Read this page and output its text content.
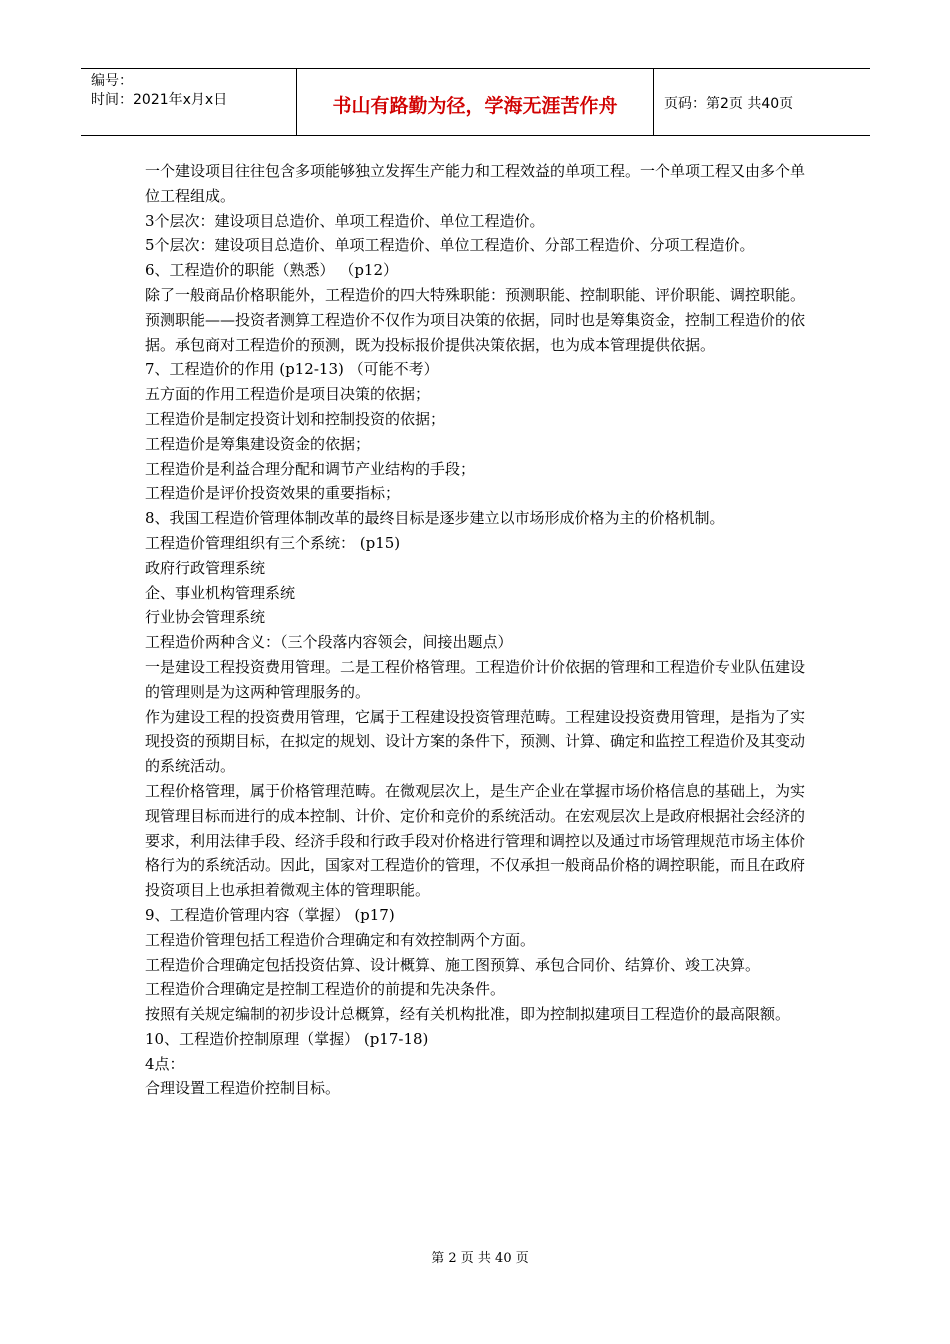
编号：
时间：2021年x月x日	书山有路勤为径，学海无涯苦作舟	页码：第2页 共40页

一个建设项目往往包含多项能够独立发挥生产能力和工程效益的单项工程。一个单项工程又由多个单位工程组成。

3个层次：建设项目总造价、单项工程造价、单位工程造价。

5个层次：建设项目总造价、单项工程造价、单位工程造价、分部工程造价、分项工程造价。

6、工程造价的职能（熟悉） （p12）

除了一般商品价格职能外，工程造价的四大特殊职能：预测职能、控制职能、评价职能、调控职能。

预测职能——投资者测算工程造价不仅作为项目决策的依据，同时也是筹集资金，控制工程造价的依据。承包商对工程造价的预测，既为投标报价提供决策依据，也为成本管理提供依据。

7、工程造价的作用 (p12-13) （可能不考）

五方面的作用工程造价是项目决策的依据；

工程造价是制定投资计划和控制投资的依据；

工程造价是筹集建设资金的依据；

工程造价是利益合理分配和调节产业结构的手段；

工程造价是评价投资效果的重要指标；

8、我国工程造价管理体制改革的最终目标是逐步建立以市场形成价格为主的价格机制。

工程造价管理组织有三个系统： (p15)

政府行政管理系统

企、事业机构管理系统

行业协会管理系统

工程造价两种含义：（三个段落内容领会，间接出题点）

一是建设工程投资费用管理。二是工程价格管理。工程造价计价依据的管理和工程造价专业队伍建设的管理则是为这两种管理服务的。

作为建设工程的投资费用管理，它属于工程建设投资管理范畴。工程建设投资费用管理，是指为了实现投资的预期目标，在拟定的规划、设计方案的条件下，预测、计算、确定和监控工程造价及其变动的系统活动。

工程价格管理，属于价格管理范畴。在微观层次上，是生产企业在掌握市场价格信息的基础上，为实现管理目标而进行的成本控制、计价、定价和竞价的系统活动。在宏观层次上是政府根据社会经济的要求，利用法律手段、经济手段和行政手段对价格进行管理和调控以及通过市场管理规范市场主体价格行为的系统活动。因此，国家对工程造价的管理，不仅承担一般商品价格的调控职能，而且在政府投资项目上也承担着微观主体的管理职能。

9、工程造价管理内容（掌握） (p17)

工程造价管理包括工程造价合理确定和有效控制两个方面。

工程造价合理确定包括投资估算、设计概算、施工图预算、承包合同价、结算价、竣工决算。

工程造价合理确定是控制工程造价的前提和先决条件。

按照有关规定编制的初步设计总概算，经有关机构批准，即为控制拟建项目工程造价的最高限额。

10、工程造价控制原理（掌握） (p17-18)

4点：

合理设置工程造价控制目标。

第 2 页 共 40 页
